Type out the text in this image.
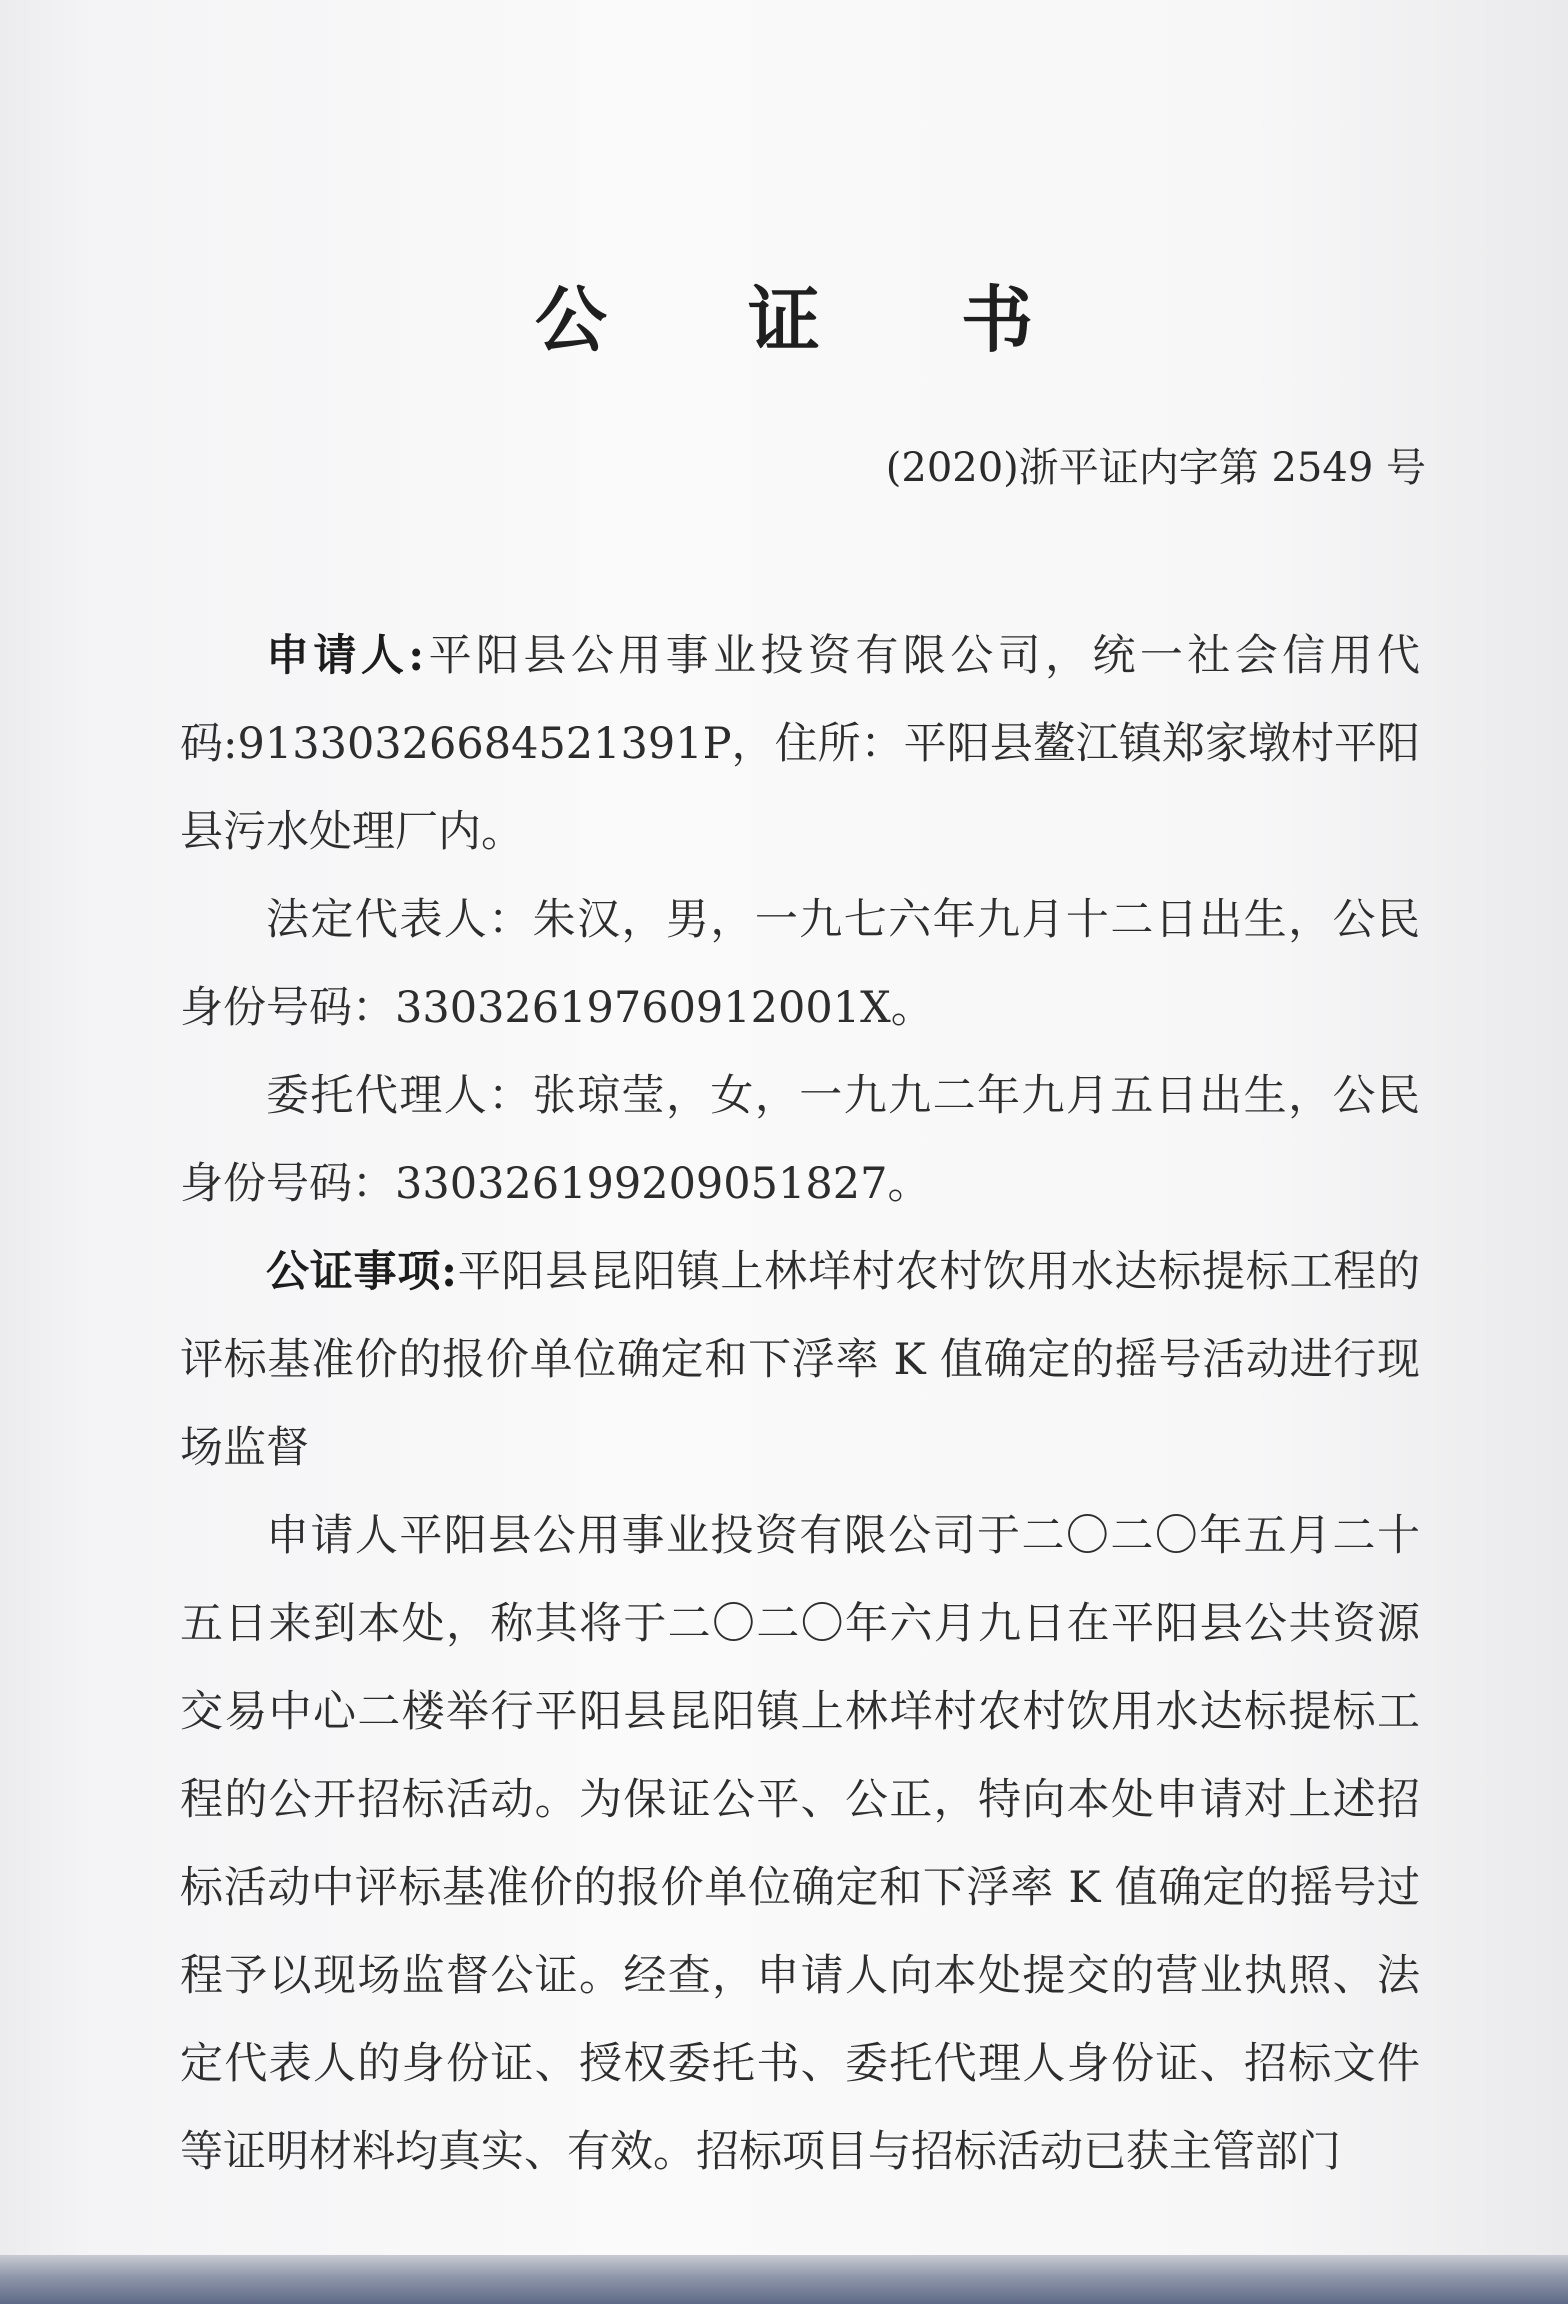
公 证 书
(2020)浙平证内字第 2549 号

申请人:平阳县公用事业投资有限公司，统一社会信用代码:91330326684521391P，住所：平阳县鳌江镇郑家墩村平阳县污水处理厂内。

法定代表人：朱汉，男，一九七六年九月十二日出生，公民身份号码：33032619760912001X。

委托代理人：张琼莹，女，一九九二年九月五日出生，公民身份号码：330326199209051827。

公证事项:平阳县昆阳镇上林垟村农村饮用水达标提标工程的评标基准价的报价单位确定和下浮率 K 值确定的摇号活动进行现场监督

申请人平阳县公用事业投资有限公司于二〇二〇年五月二十五日来到本处，称其将于二〇二〇年六月九日在平阳县公共资源交易中心二楼举行平阳县昆阳镇上林垟村农村饮用水达标提标工程的公开招标活动。为保证公平、公正，特向本处申请对上述招标活动中评标基准价的报价单位确定和下浮率 K 值确定的摇号过程予以现场监督公证。经查，申请人向本处提交的营业执照、法定代表人的身份证、授权委托书、委托代理人身份证、招标文件等证明材料均真实、有效。招标项目与招标活动已获主管部门
